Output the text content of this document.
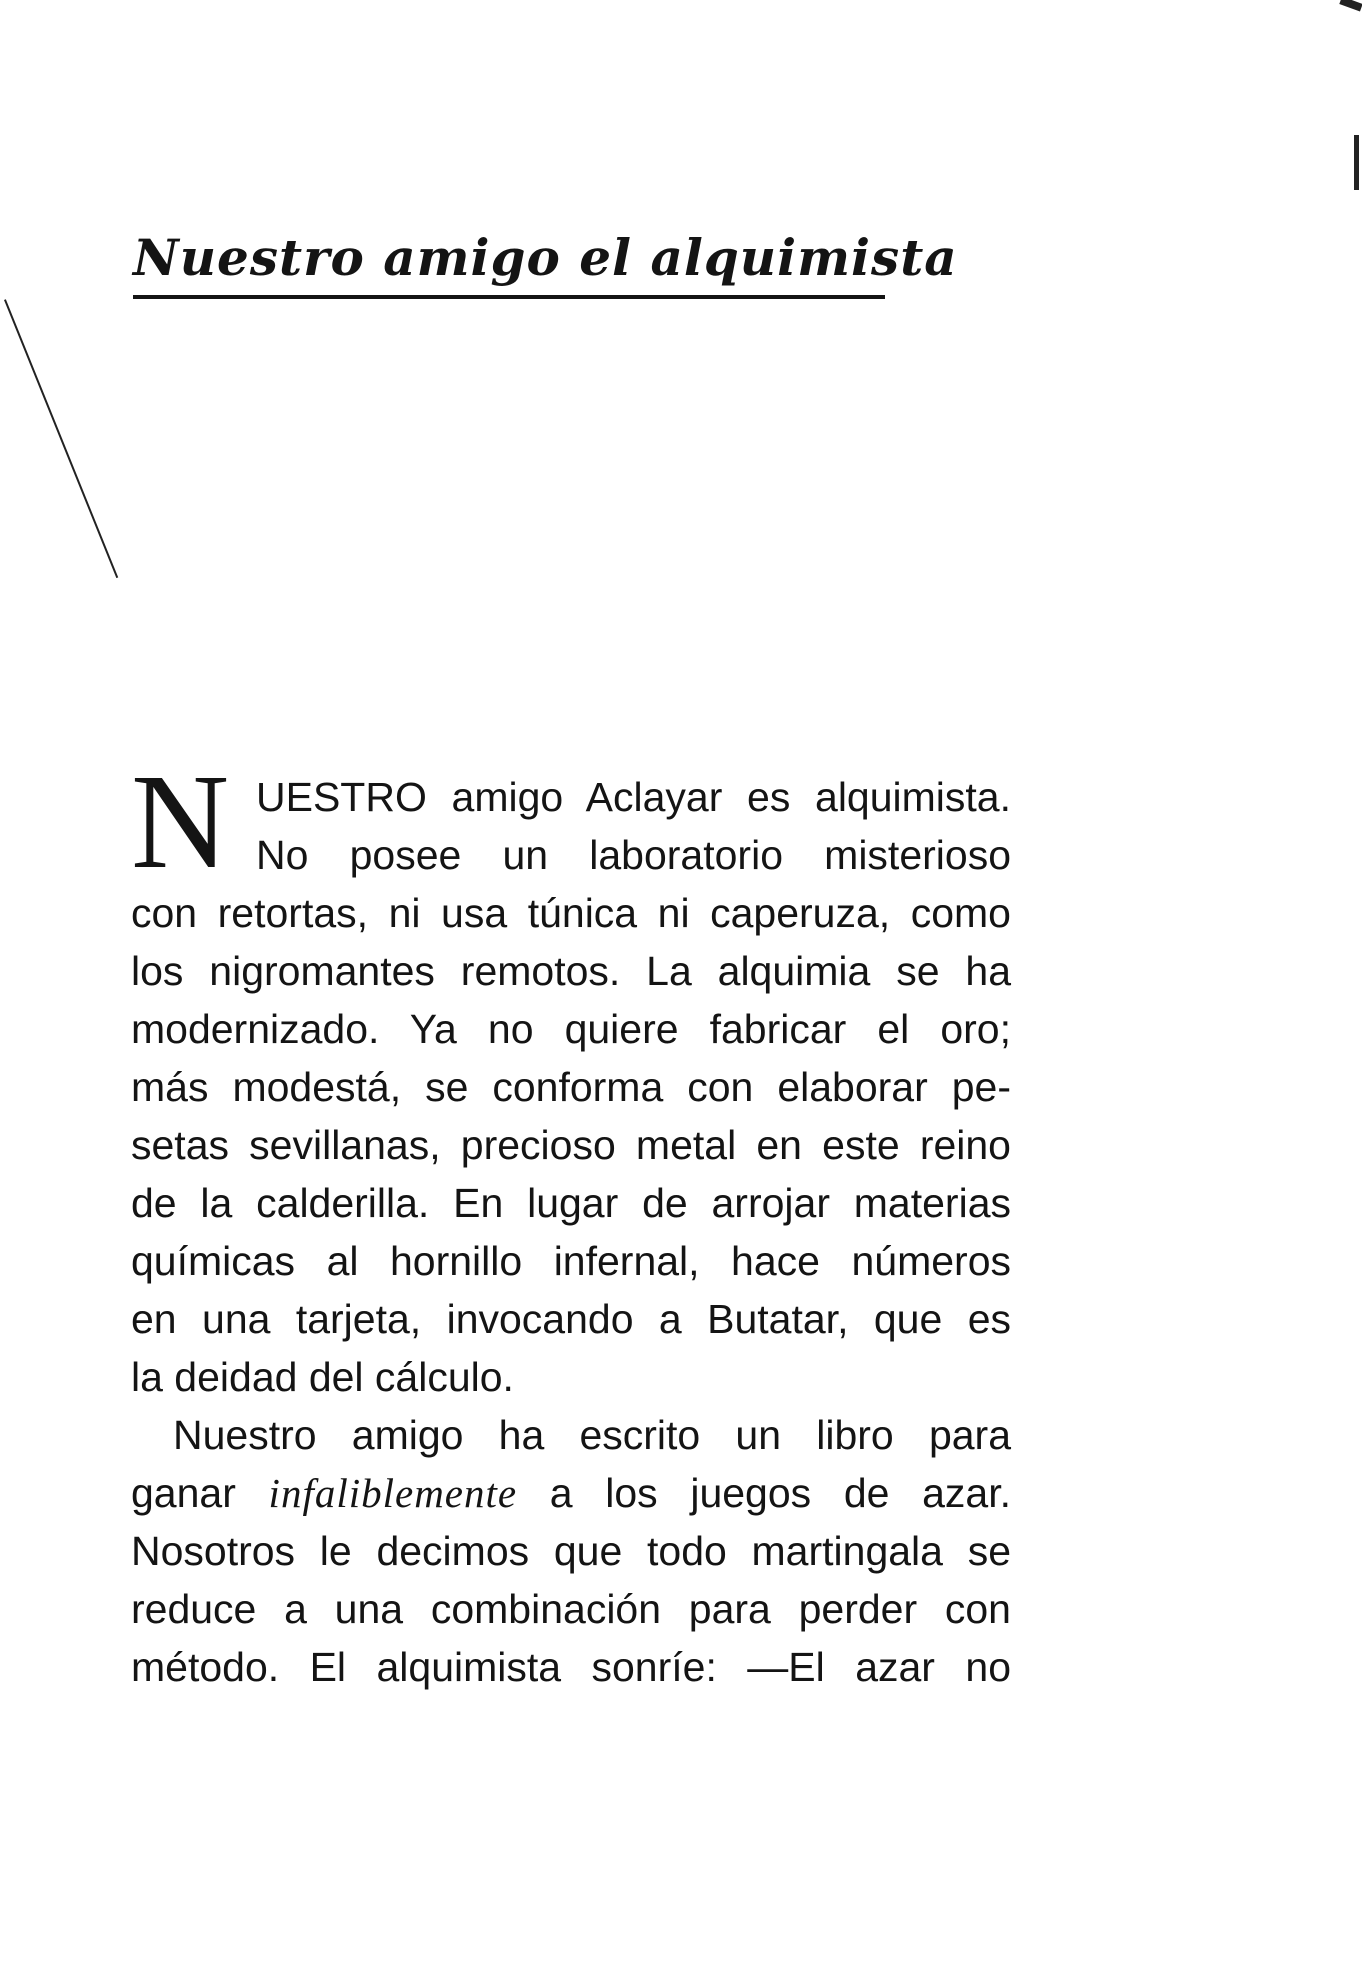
Nuestro amigo el alquimista
N UESTRO amigo Aclayar es alquimista.
No posee un laboratorio misterioso
con retortas, ni usa túnica ni caperuza, como
los nigromantes remotos. La alquimia se ha
modernizado. Ya no quiere fabricar el oro;
más modestá, se conforma con elaborar pe-
setas sevillanas, precioso metal en este reino
de la calderilla. En lugar de arrojar materias
químicas al hornillo infernal, hace números
en una tarjeta, invocando a Butatar, que es
la deidad del cálculo.
Nuestro amigo ha escrito un libro para
ganar infaliblemente a los juegos de azar.
Nosotros le decimos que todo martingala se
reduce a una combinación para perder con
método. El alquimista sonríe: —El azar no
